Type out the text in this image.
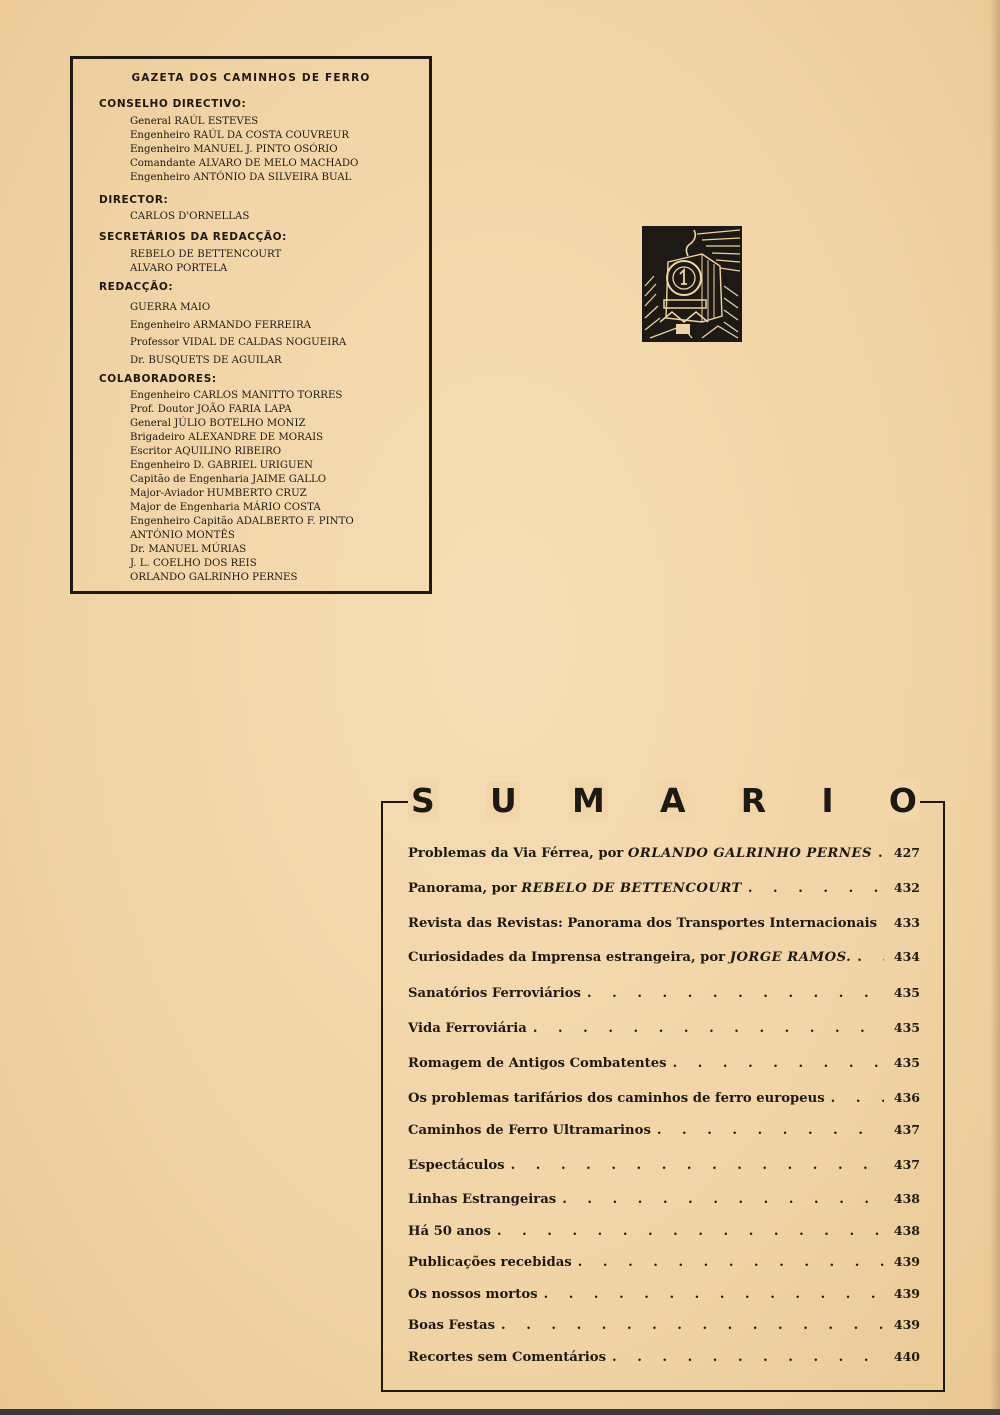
GAZETA DOS CAMINHOS DE FERRO
CONSELHO DIRECTIVO:
General RAÚL ESTEVES
Engenheiro RAÚL DA COSTA COUVREUR
Engenheiro MANUEL J. PINTO OSÓRIO
Comandante ALVARO DE MELO MACHADO
Engenheiro ANTÓNIO DA SILVEIRA BUAL
DIRECTOR:
CARLOS D'ORNELLAS
SECRETÁRIOS DA REDACÇÃO:
REBELO DE BETTENCOURT
ALVARO PORTELA
REDACÇÃO:
GUERRA MAIO
Engenheiro ARMANDO FERREIRA
Professor VIDAL DE CALDAS NOGUEIRA
Dr. BUSQUETS DE AGUILAR
COLABORADORES:
Engenheiro CARLOS MANITTO TORRES
Prof. Doutor JOÃO FARIA LAPA
General JÚLIO BOTELHO MONIZ
Brigadeiro ALEXANDRE DE MORAIS
Escritor AQUILINO RIBEIRO
Engenheiro D. GABRIEL URIGUEN
Capitão de Engenharia JAIME GALLO
Major-Aviador HUMBERTO CRUZ
Major de Engenharia MÁRIO COSTA
Engenheiro Capitão ADALBERTO F. PINTO
ANTÓNIO MONTÊS
Dr. MANUEL MÚRIAS
J. L. COELHO DOS REIS
ORLANDO GALRINHO PERNES
S U M A R I O
Problemas da Via Férrea, por ORLANDO GALRINHO PERNES . . .	427
Panorama, por REBELO DE BETTENCOURT . . .	432
Revista das Revistas: Panorama dos Transportes Internacionais . . .	433
Curiosidades da Imprensa estrangeira, por JORGE RAMOS. . . .	434
Sanatórios Ferroviários . . .	435
Vida Ferroviária . . .	435
Romagem de Antigos Combatentes . . .	435
Os problemas tarifários dos caminhos de ferro europeus . . .	436
Caminhos de Ferro Ultramarinos . . .	437
Espectáculos . . .	437
Linhas Estrangeiras . . .	438
Há 50 anos . . .	438
Publicações recebidas . . .	439
Os nossos mortos . . .	439
Boas Festas . . .	439
Recortes sem Comentários . . .	440
